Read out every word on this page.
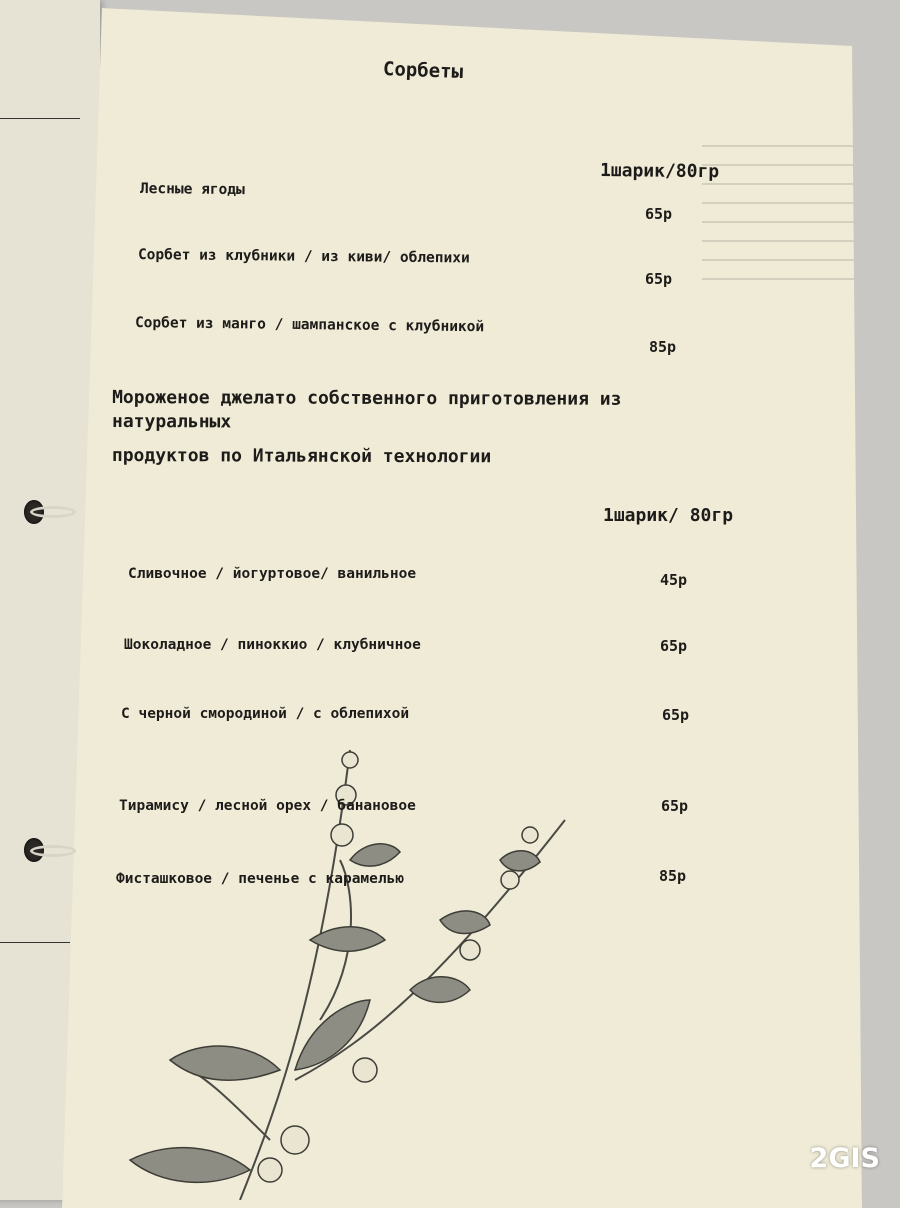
Сорбеты
1шарик/80гр
Лесные ягоды
65р
Сорбет из клубники / из киви/ облепихи
65р
Сорбет из манго / шампанское с клубникой
85р
Мороженое джелато собственного приготовления из
натуральных
продуктов по Итальянской технологии
1шарик/ 80гр
Сливочное / йогуртовое/ ванильное	45р
Шоколадное / пиноккио / клубничное	65р
С черной смородиной / с облепихой	65р
Тирамису / лесной орех / банановое	65р
Фисташковое / печенье с карамелью	85р
2GIS
